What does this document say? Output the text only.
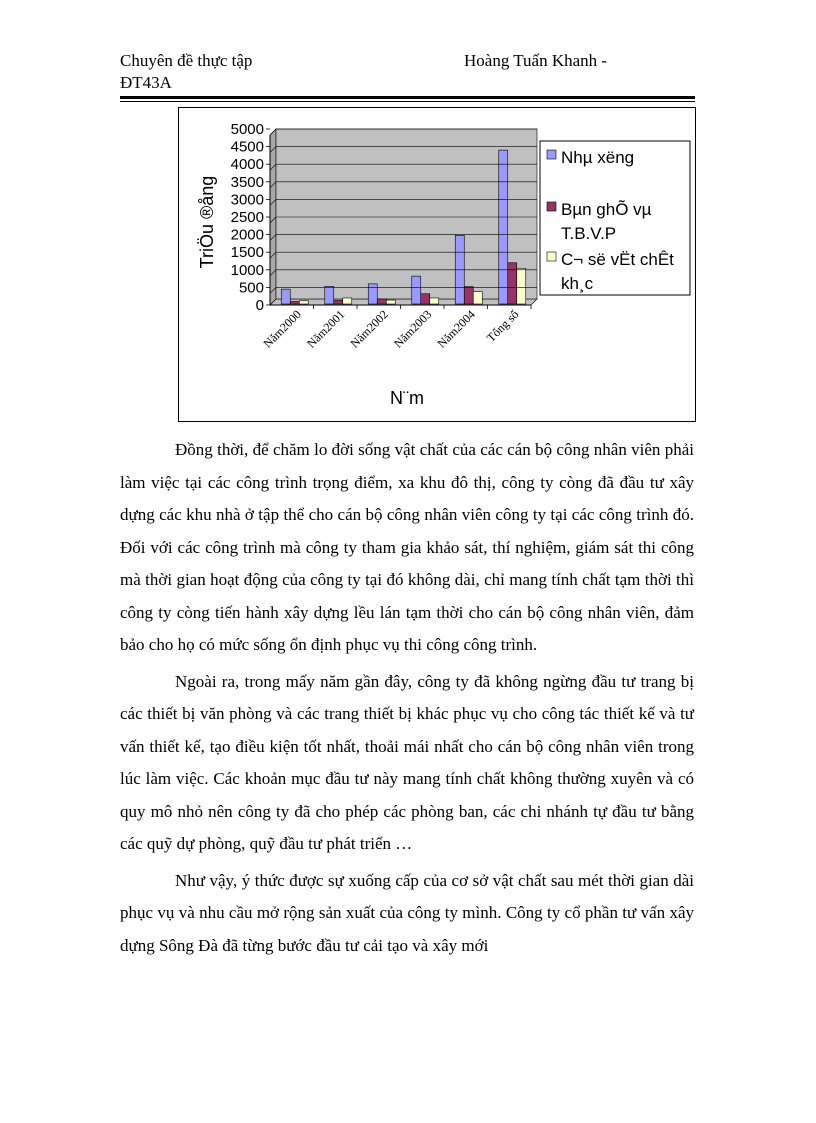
Chuyên đề thực tập	Hoàng Tuấn Khanh -
ĐT43A
0
500
1000
1500
2000
2500
3000
3500
4000
4500
5000
Năm2000 Năm2001 Năm2002 Năm2003 Năm2004 Tổng số
TriÖu ®ång
N¨m
Nhµ xëng
Bµn ghÕ vµ
T.B.V.P
C¬ së vËt chÊt
kh¸c

Đồng thời, để chăm lo đời sống vật chất của các cán bộ công nhân viên phải làm việc tại các công trình trọng điểm, xa khu đô thị, công ty còng đã đầu tư xây dựng các khu nhà ở tập thể cho cán bộ công nhân viên công ty tại các công trình đó. Đối với các công trình mà công ty tham gia khảo sát, thí nghiệm, giám sát thi công mà thời gian hoạt động của công ty tại đó không dài, chỉ mang tính chất tạm thời thì công ty còng tiến hành xây dựng lều lán tạm thời cho cán bộ công nhân viên, đảm bảo cho họ có mức sống ổn định phục vụ thi công công trình.

Ngoài ra, trong mấy năm gần đây, công ty đã không ngừng đầu tư trang bị các thiết bị văn phòng và các trang thiết bị khác phục vụ cho công tác thiết kế và tư vấn thiết kế, tạo điều kiện tốt nhất, thoải mái nhất cho cán bộ công nhân viên trong lúc làm việc. Các khoản mục đầu tư này mang tính chất không thường xuyên và có quy mô nhỏ nên công ty đã cho phép các phòng ban, các chi nhánh tự đầu tư bằng các quỹ dự phòng, quỹ đầu tư phát triển …

Như vậy, ý thức được sự xuống cấp của cơ sở vật chất sau mét thời gian dài phục vụ và nhu cầu mở rộng sản xuất của công ty mình. Công ty cổ phần tư vấn xây dựng Sông Đà đã từng bước đầu tư cải tạo và xây mới
